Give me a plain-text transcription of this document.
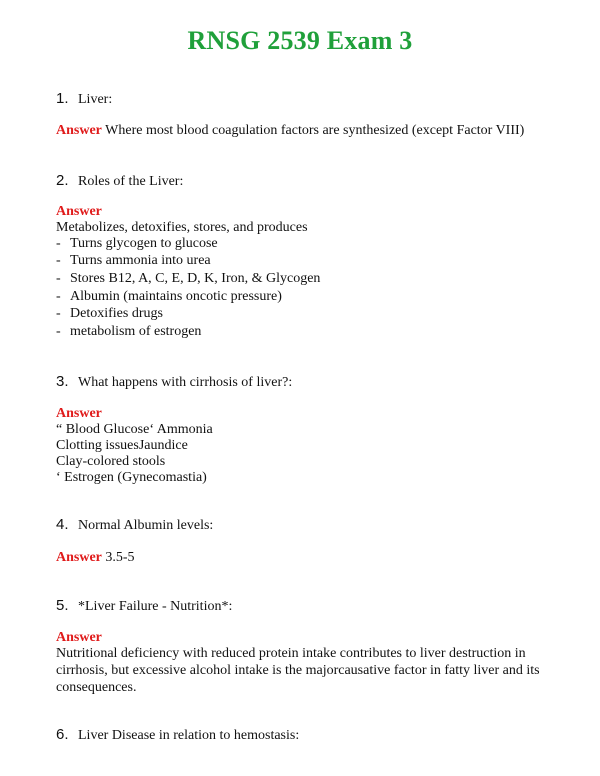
RNSG 2539 Exam 3
1. Liver:
Answer Where most blood coagulation factors are synthesized (except Factor VIII)
2. Roles of the Liver:
Answer
Metabolizes, detoxifies, stores, and produces
- Turns glycogen to glucose
- Turns ammonia into urea
- Stores B12, A, C, E, D, K, Iron, & Glycogen
- Albumin (maintains oncotic pressure)
- Detoxifies drugs
- metabolism of estrogen
3. What happens with cirrhosis of liver?:
Answer
“ Blood Glucose‘ Ammonia
Clotting issuesJaundice
Clay-colored stools
‘ Estrogen (Gynecomastia)
4. Normal Albumin levels:
Answer 3.5-5
5. *Liver Failure - Nutrition*:
Answer
Nutritional deficiency with reduced protein intake contributes to liver destruction in cirrhosis, but excessive alcohol intake is the majorcausative factor in fatty liver and its consequences.
6. Liver Disease in relation to hemostasis:
